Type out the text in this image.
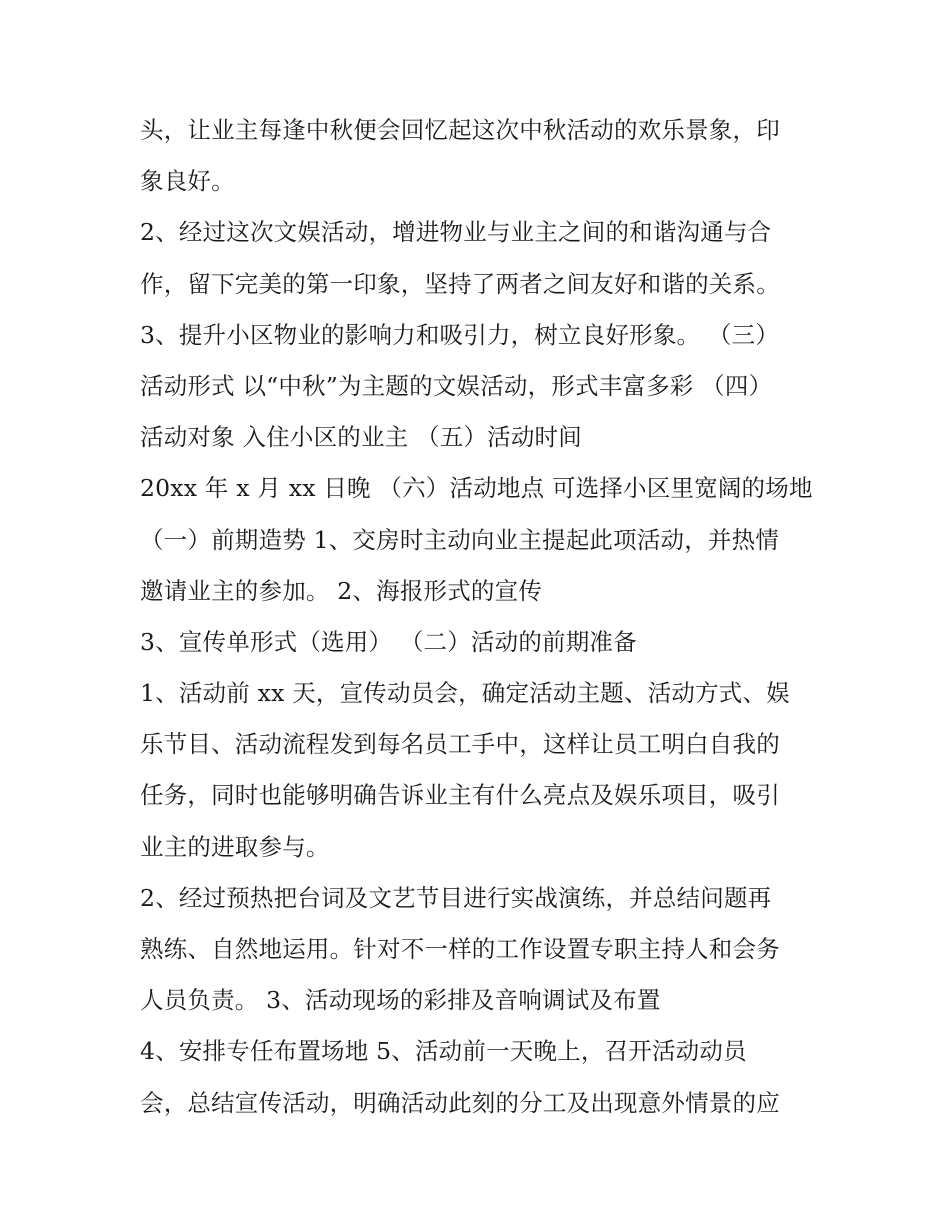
头，让业主每逢中秋便会回忆起这次中秋活动的欢乐景象，印
象良好。
2、经过这次文娱活动，增进物业与业主之间的和谐沟通与合
作，留下完美的第一印象，坚持了两者之间友好和谐的关系。
3、提升小区物业的影响力和吸引力，树立良好形象。 （三）
活动形式 以“中秋”为主题的文娱活动，形式丰富多彩 （四）
活动对象 入住小区的业主 （五）活动时间
20xx 年 x 月 xx 日晚 （六）活动地点 可选择小区里宽阔的场地
（一）前期造势 1、交房时主动向业主提起此项活动，并热情
邀请业主的参加。 2、海报形式的宣传
3、宣传单形式（选用） （二）活动的前期准备
1、活动前 xx 天，宣传动员会，确定活动主题、活动方式、娱
乐节目、活动流程发到每名员工手中，这样让员工明白自我的
任务，同时也能够明确告诉业主有什么亮点及娱乐项目，吸引
业主的进取参与。
2、经过预热把台词及文艺节目进行实战演练，并总结问题再
熟练、自然地运用。针对不一样的工作设置专职主持人和会务
人员负责。 3、活动现场的彩排及音响调试及布置
4、安排专任布置场地 5、活动前一天晚上，召开活动动员
会，总结宣传活动，明确活动此刻的分工及出现意外情景的应
